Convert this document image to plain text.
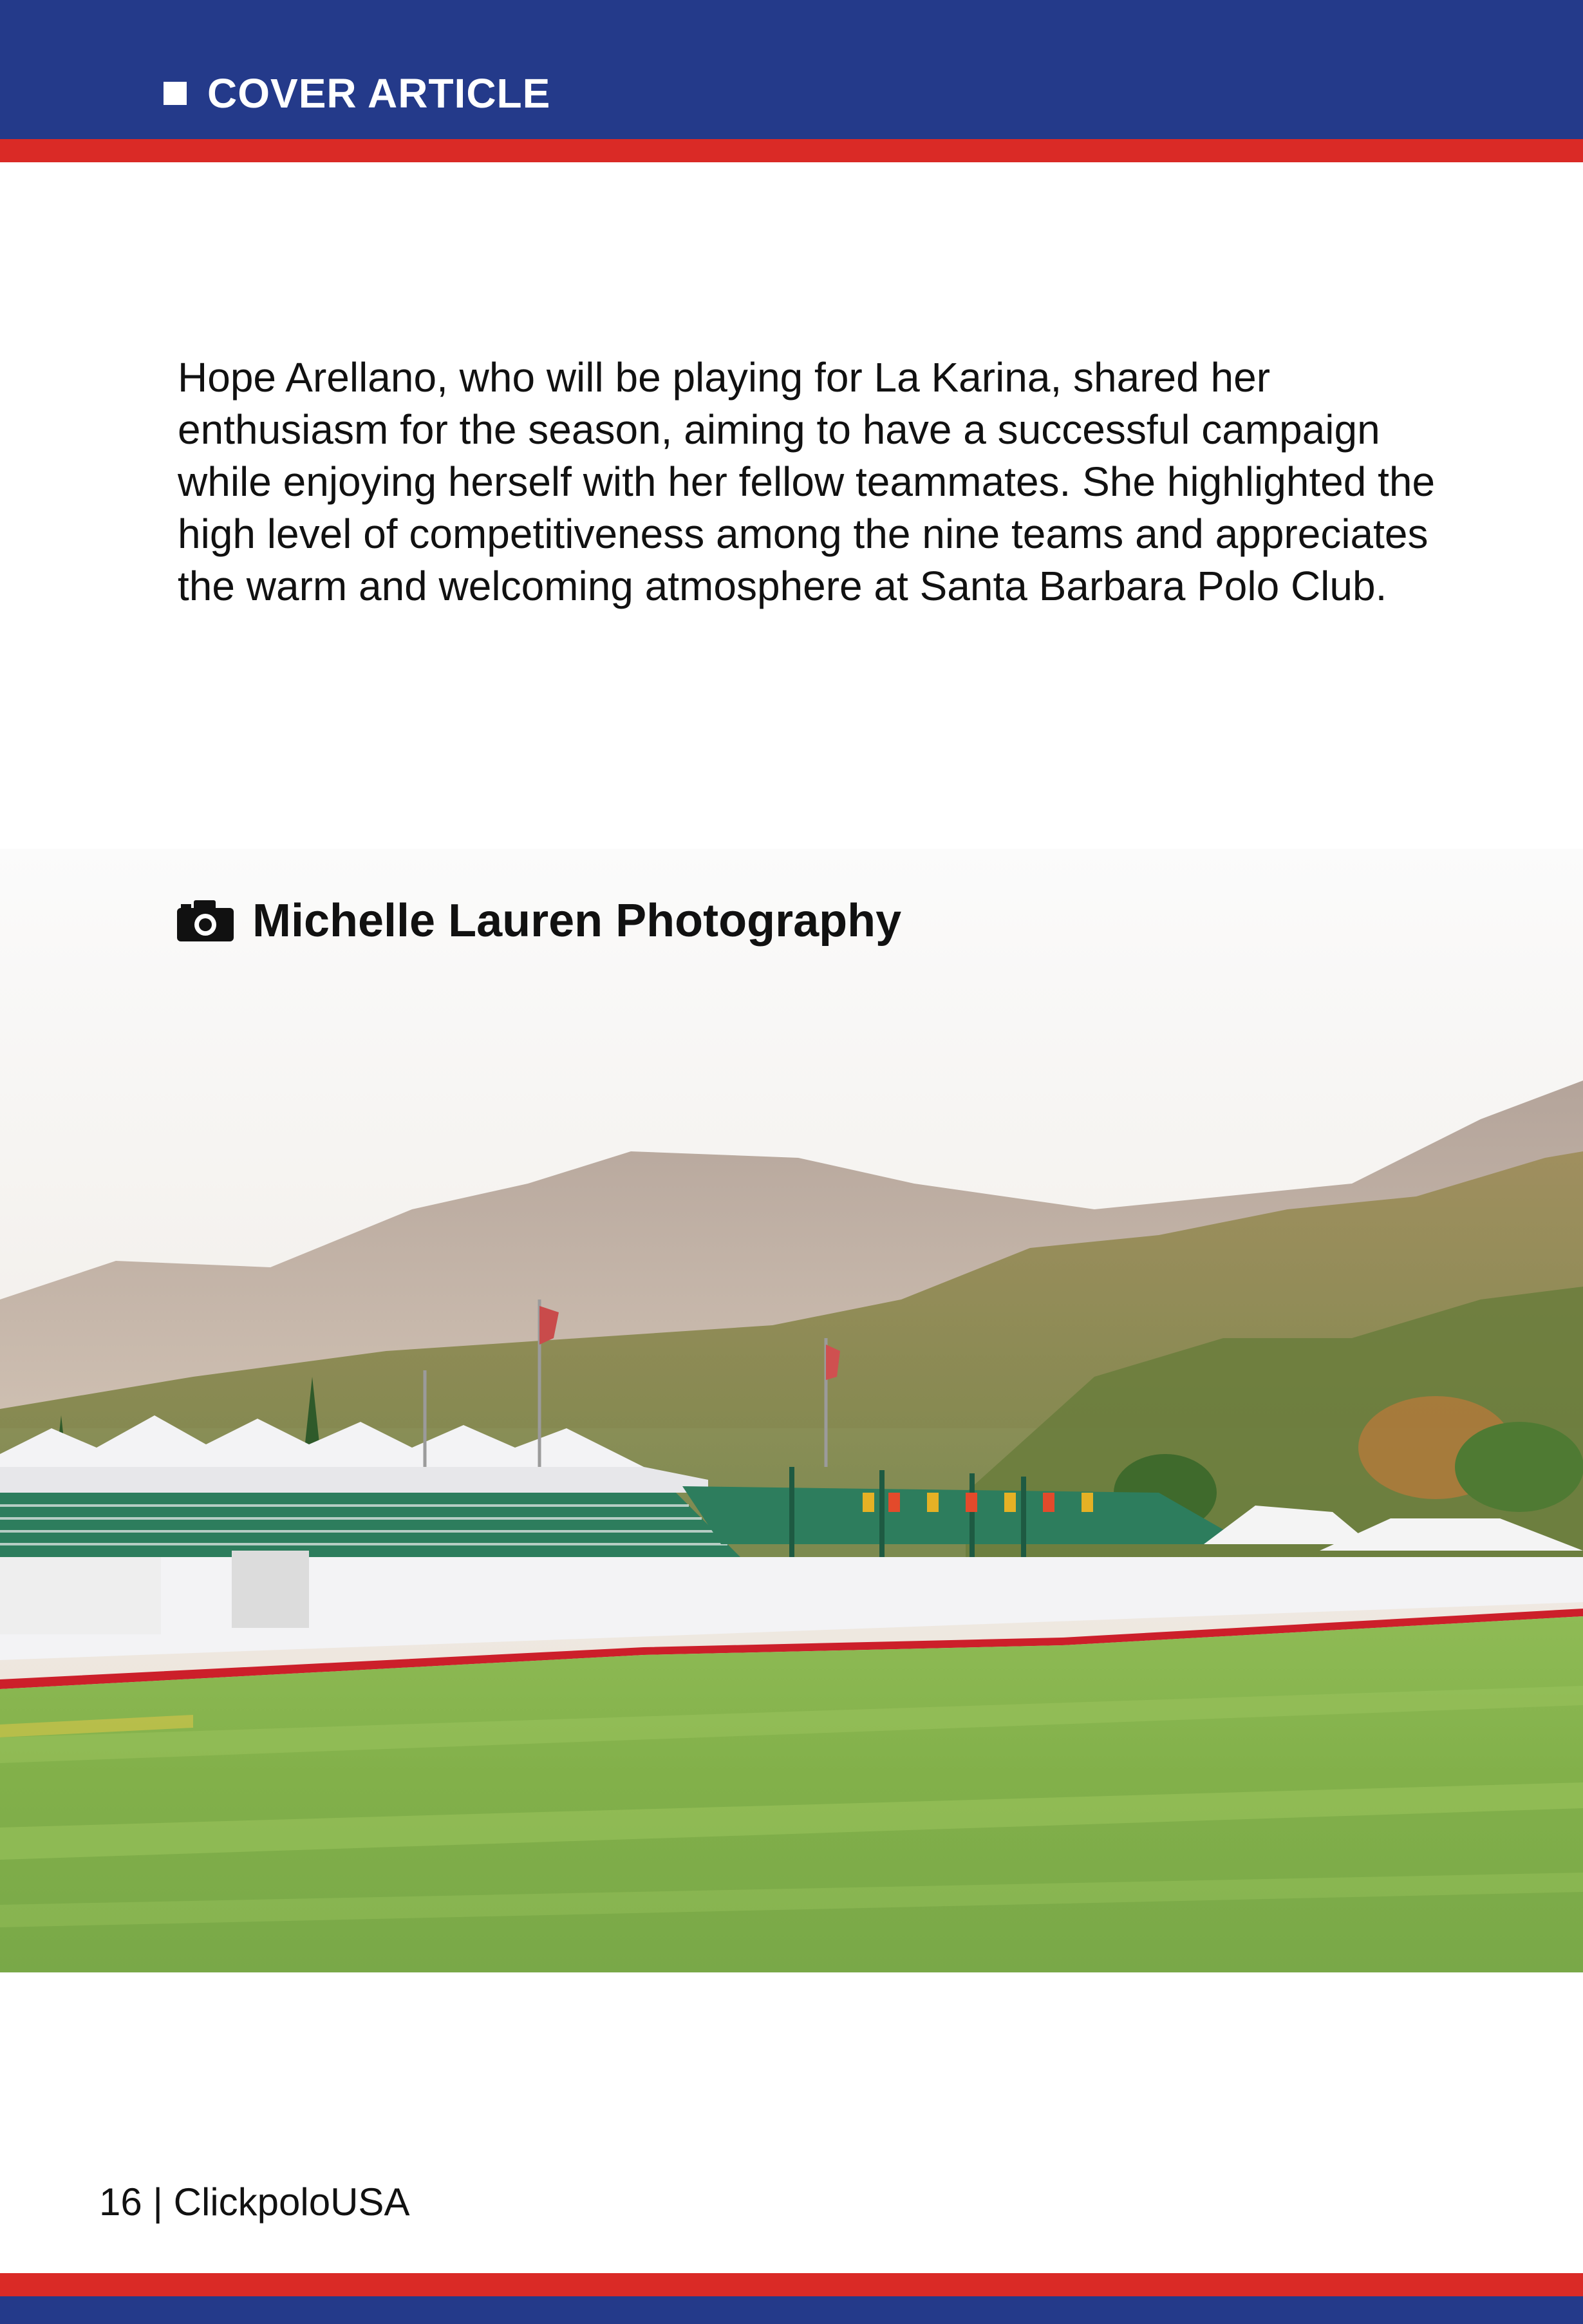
COVER ARTICLE

Hope Arellano, who will be playing for La Karina, shared her enthusiasm for the season, aiming to have a successful campaign while enjoying herself with her fellow teammates. She highlighted the high level of competitiveness among the nine teams and appreciates the warm and welcoming atmosphere at Santa Barbara Polo Club.

Michelle Lauren Photography
16 | ClickpoloUSA
